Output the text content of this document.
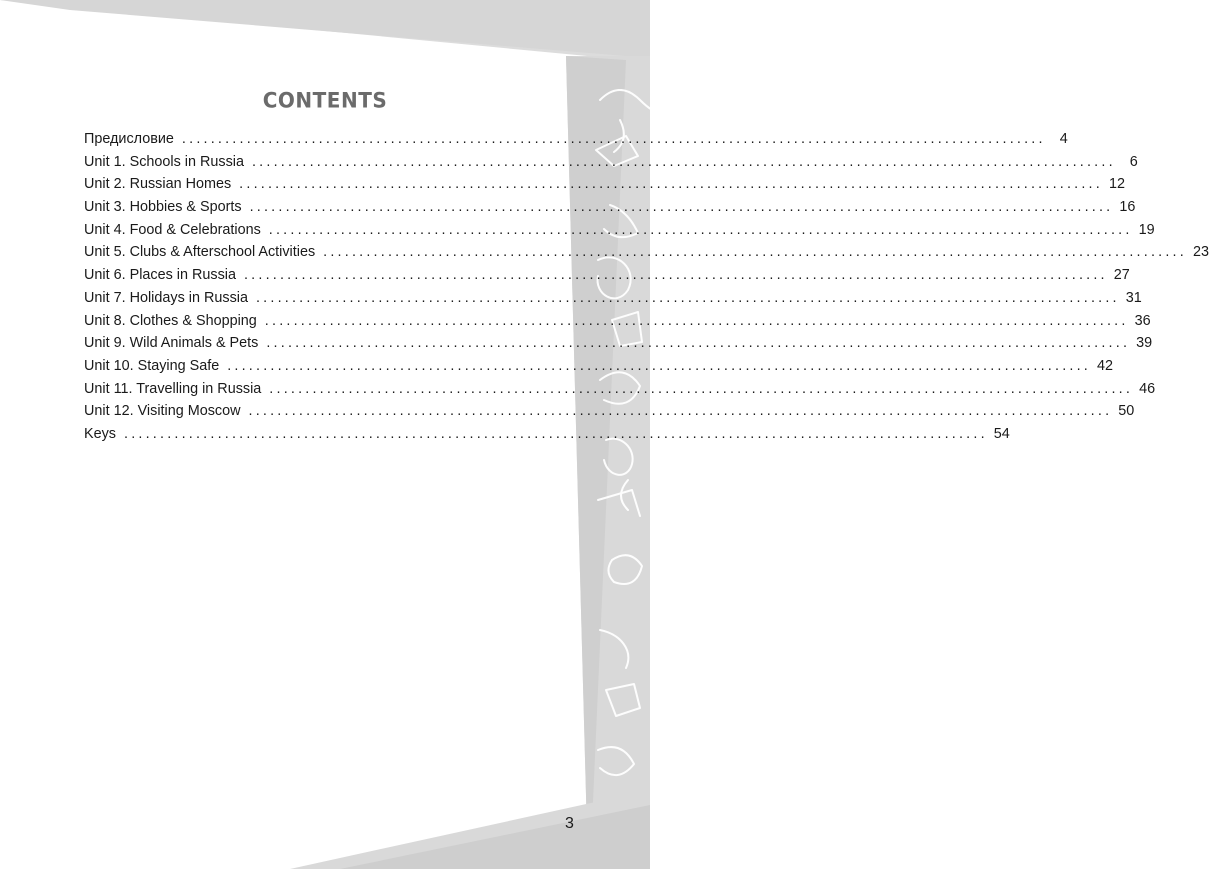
CONTENTS
Предисловие ........................................................................................................................ 4
Unit 1. Schools in Russia ........................................................................................................................ 6
Unit 2. Russian Homes ........................................................................................................................ 12
Unit 3. Hobbies & Sports ........................................................................................................................ 16
Unit 4. Food & Celebrations ........................................................................................................................ 19
Unit 5. Clubs & Afterschool Activities ........................................................................................................................ 23
Unit 6. Places in Russia ........................................................................................................................ 27
Unit 7. Holidays in Russia ........................................................................................................................ 31
Unit 8. Clothes & Shopping ........................................................................................................................ 36
Unit 9. Wild Animals & Pets ........................................................................................................................ 39
Unit 10. Staying Safe ........................................................................................................................ 42
Unit 11. Travelling in Russia ........................................................................................................................ 46
Unit 12. Visiting Moscow ........................................................................................................................ 50
Keys ........................................................................................................................ 54
3
